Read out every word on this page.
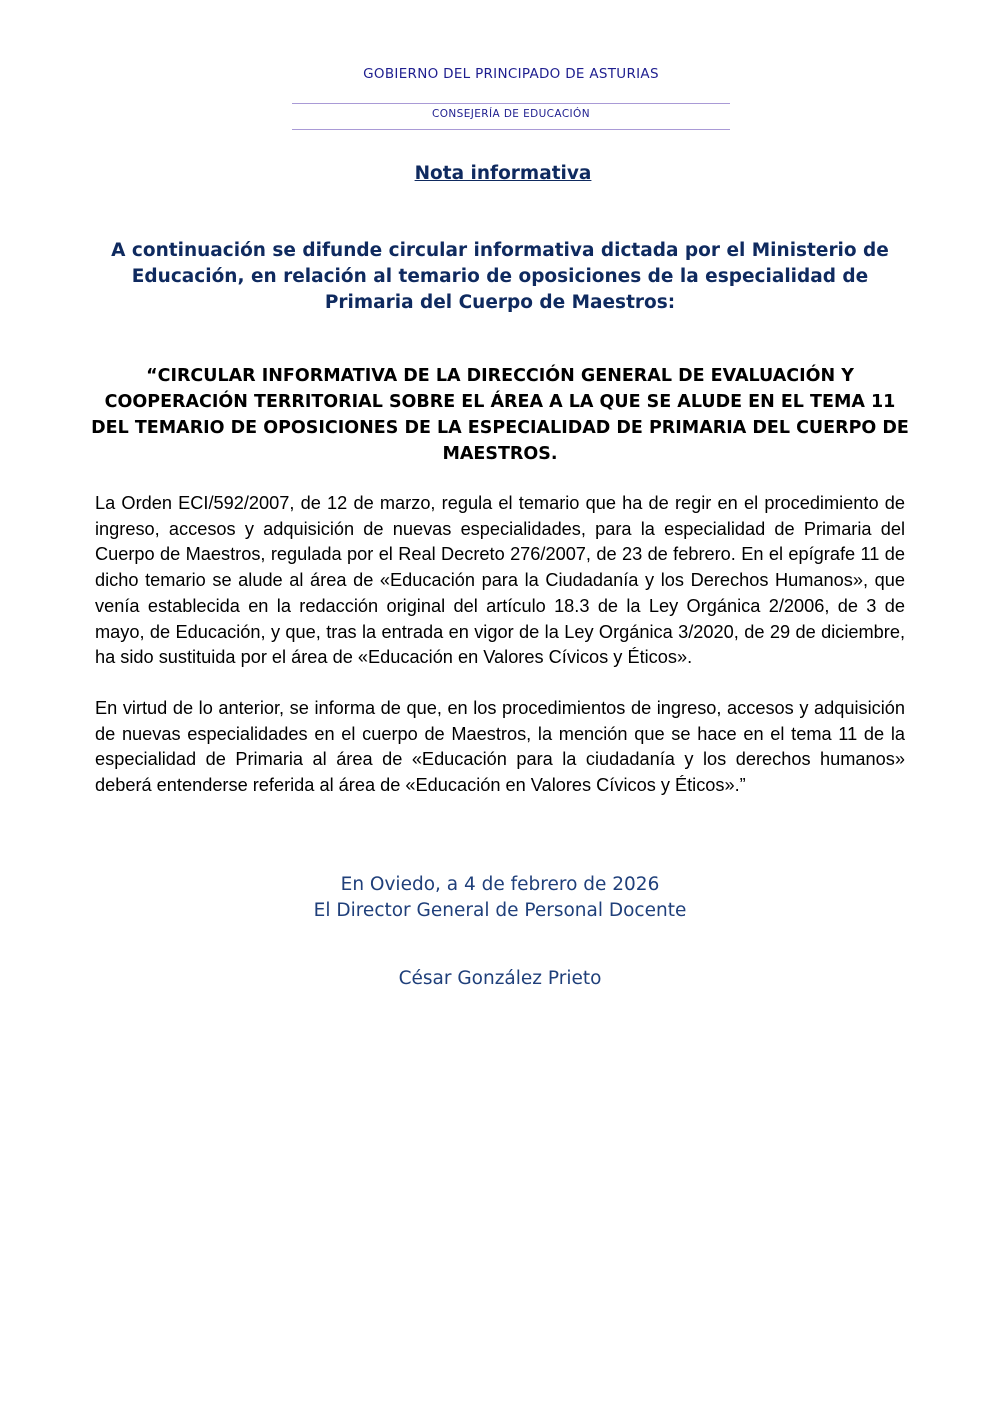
GOBIERNO DEL PRINCIPADO DE ASTURIAS
CONSEJERÍA DE EDUCACIÓN
Nota informativa
A continuación se difunde circular informativa dictada por el Ministerio de Educación, en relación al temario de oposiciones de la especialidad de Primaria del Cuerpo de Maestros:
“CIRCULAR INFORMATIVA DE LA DIRECCIÓN GENERAL DE EVALUACIÓN Y COOPERACIÓN TERRITORIAL SOBRE EL ÁREA A LA QUE SE ALUDE EN EL TEMA 11 DEL TEMARIO DE OPOSICIONES DE LA ESPECIALIDAD DE PRIMARIA DEL CUERPO DE MAESTROS.

La Orden ECI/592/2007, de 12 de marzo, regula el temario que ha de regir en el procedimiento de ingreso, accesos y adquisición de nuevas especialidades, para la especialidad de Primaria del Cuerpo de Maestros, regulada por el Real Decreto 276/2007, de 23 de febrero. En el epígrafe 11 de dicho temario se alude al área de «Educación para la Ciudadanía y los Derechos Humanos», que venía establecida en la redacción original del artículo 18.3 de la Ley Orgánica 2/2006, de 3 de mayo, de Educación, y que, tras la entrada en vigor de la Ley Orgánica 3/2020, de 29 de diciembre, ha sido sustituida por el área de «Educación en Valores Cívicos y Éticos».

En virtud de lo anterior, se informa de que, en los procedimientos de ingreso, accesos y adquisición de nuevas especialidades en el cuerpo de Maestros, la mención que se hace en el tema 11 de la especialidad de Primaria al área de «Educación para la ciudadanía y los derechos humanos» deberá entenderse referida al área de «Educación en Valores Cívicos y Éticos».”

En Oviedo, a 4 de febrero de 2026
El Director General de Personal Docente
César González Prieto
